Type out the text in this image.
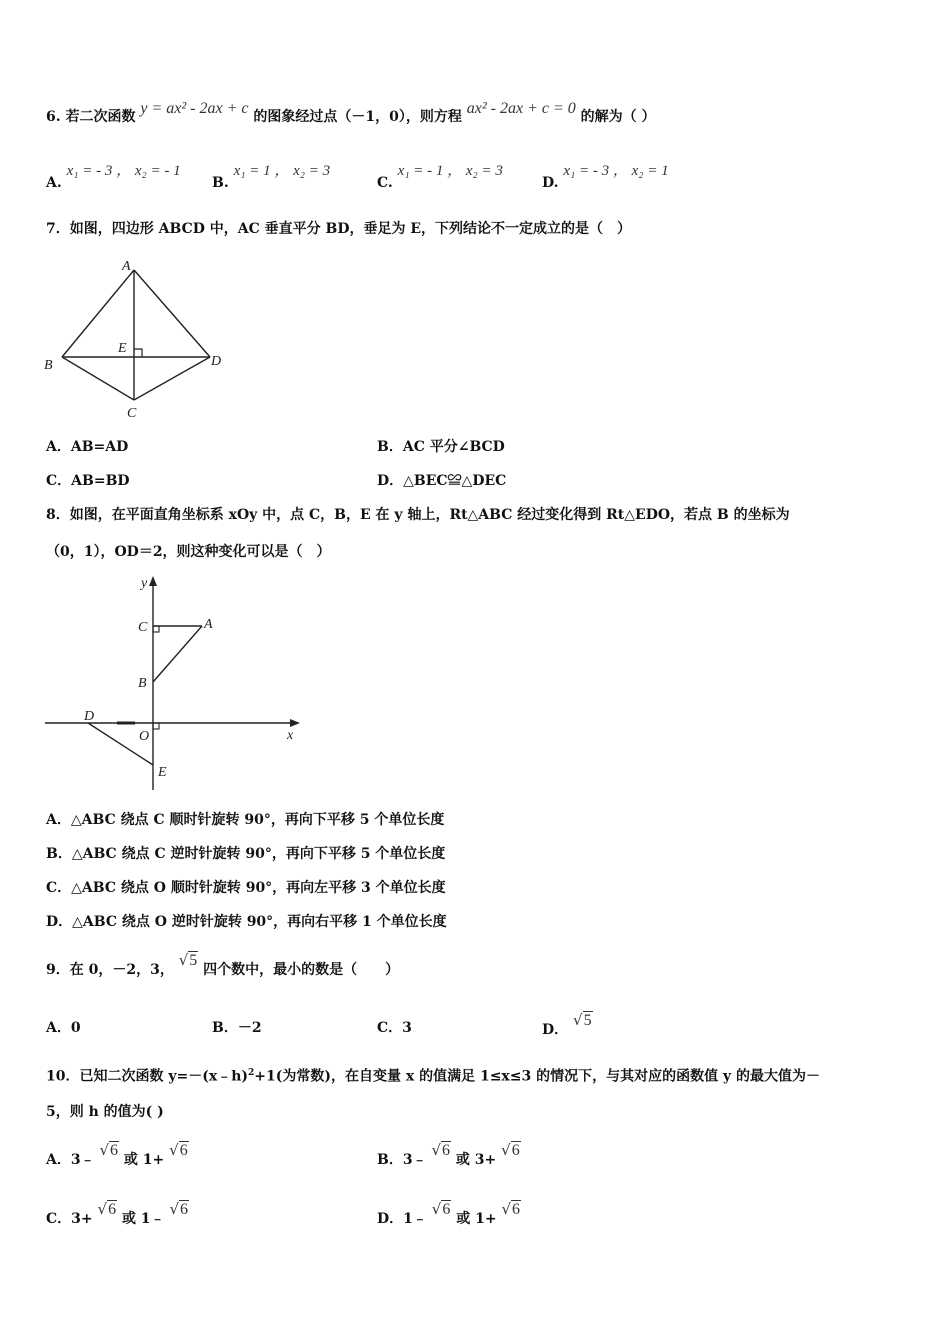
6. 若二次函数 y = ax² - 2ax + c 的图象经过点（－1，0），则方程 ax² - 2ax + c = 0 的解为（ ）
A. x₁ = - 3 ， x₂ = - 1
B. x₁ = 1 ， x₂ = 3
C. x₁ = - 1 ， x₂ = 3
D. x₁ = - 3 ， x₂ = 1
7．如图，四边形 ABCD 中，AC 垂直平分 BD，垂足为 E，下列结论不一定成立的是（　）
A
B
C
D
E
A．AB=AD	B．AC 平分∠BCD
C．AB=BD	D．△BEC≌△DEC
8．如图，在平面直角坐标系 xOy 中，点 C，B，E 在 y 轴上，Rt△ABC 经过变化得到 Rt△EDO，若点 B 的坐标为
（0，1），OD＝2，则这种变化可以是（　）
y
x
C	A
B
D
O
E
A．△ABC 绕点 C 顺时针旋转 90°，再向下平移 5 个单位长度
B．△ABC 绕点 C 逆时针旋转 90°，再向下平移 5 个单位长度
C．△ABC 绕点 O 顺时针旋转 90°，再向左平移 3 个单位长度
D．△ABC 绕点 O 逆时针旋转 90°，再向右平移 1 个单位长度
9．在 0，－2，3， √5 四个数中，最小的数是（　　）
A．0	B．－2	C．3	D． √5
10．已知二次函数 y=－(x﹣h)$^2$+1(为常数)，在自变量 x 的值满足 1≤x≤3 的情况下，与其对应的函数值 y 的最大值为－
5，则 h 的值为( )
A．3﹣ √6 或 1+ √6
B．3﹣ √6 或 3+ √6
C．3+ √6 或 1﹣ √6
D．1﹣ √6 或 1+ √6
